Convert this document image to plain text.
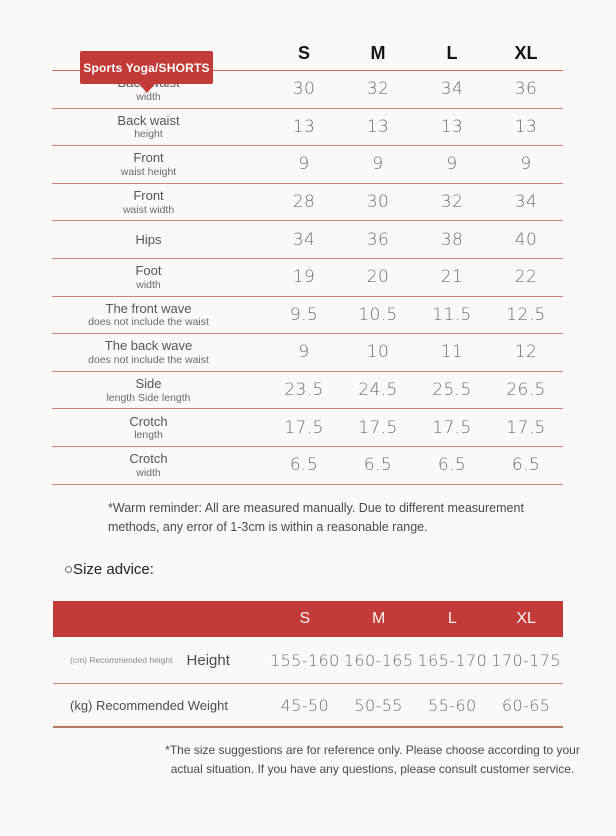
Sports Yoga/SHORTS
S	M	L	XL
width	30	32	34	36
Back waist
height	13	13	13	13
Front
waist height	9	9	9	9
Front
waist width	28	30	32	34
Hips	34	36	38	40
Foot
width	19	20	21	22
The front wave
does not include the waist	9.5	10.5	11.5	12.5
The back wave
does not include the waist	9	10	11	12
Side
length Side length	23.5	24.5	25.5	26.5
Crotch
length	17.5	17.5	17.5	17.5
Crotch
width	6.5	6.5	6.5	6.5
*Warm reminder: All are measured manually. Due to different measurement methods, any error of 1-3cm is within a reasonable range.
○Size advice:
S	M	L	XL
(cm) Recommended height Height	155-160 160-165 165-170 170-175
(kg) Recommended Weight	45-50	50-55	55-60	60-65
*The size suggestions are for reference only. Please choose according to your actual situation. If you have any questions, please consult customer service.
